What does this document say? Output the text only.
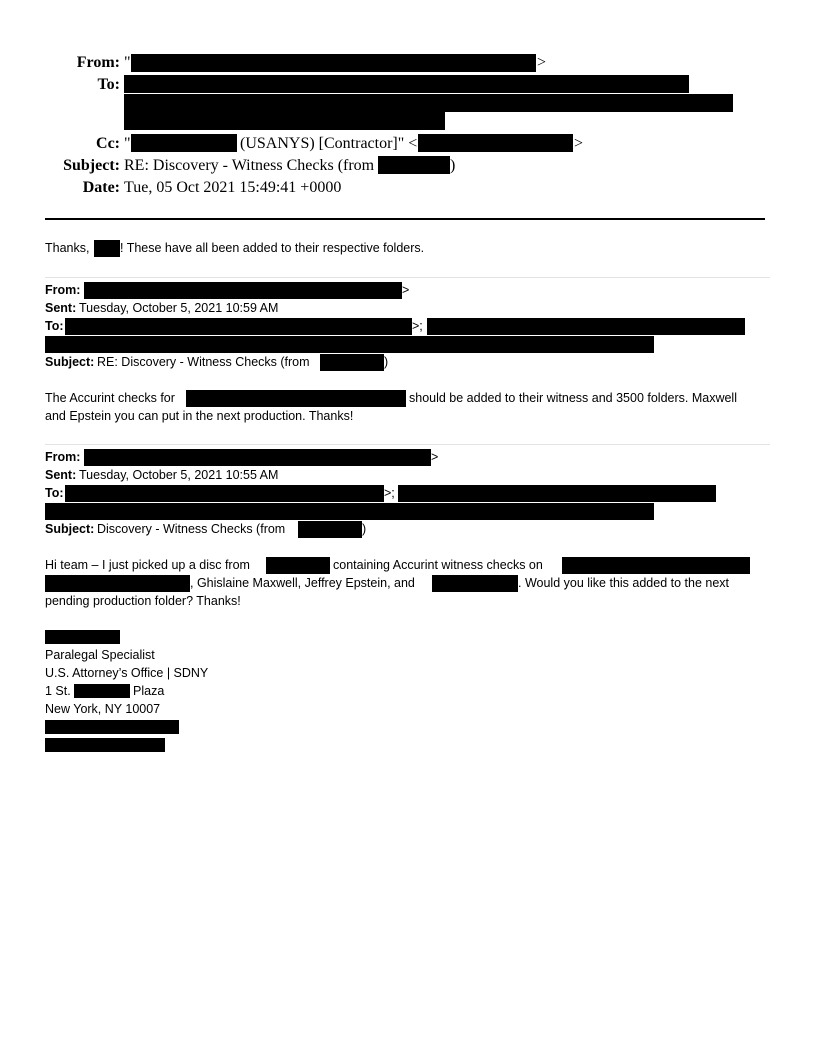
From: "	>
To:
Cc: "	(USANYS) [Contractor]" <	>
Subject: RE: Discovery - Witness Checks (from	)
Date: Tue, 05 Oct 2021 15:49:41 +0000
Thanks, ! These have all been added to their respective folders.
From:	>
Sent: Tuesday, October 5, 2021 10:59 AM
To:	>;
Subject: RE: Discovery - Witness Checks (from	)
The Accurint checks for	should be added to their witness and 3500 folders. Maxwell
and Epstein you can put in the next production. Thanks!
From:	>
Sent: Tuesday, October 5, 2021 10:55 AM
To:	>;
Subject: Discovery - Witness Checks (from	)
Hi team – I just picked up a disc from	containing Accurint witness checks on
, Ghislaine Maxwell, Jeffrey Epstein, and	. Would you like this added to the next
pending production folder? Thanks!
Paralegal Specialist
U.S. Attorney’s Office | SDNY
1 St.	Plaza
New York, NY 10007
